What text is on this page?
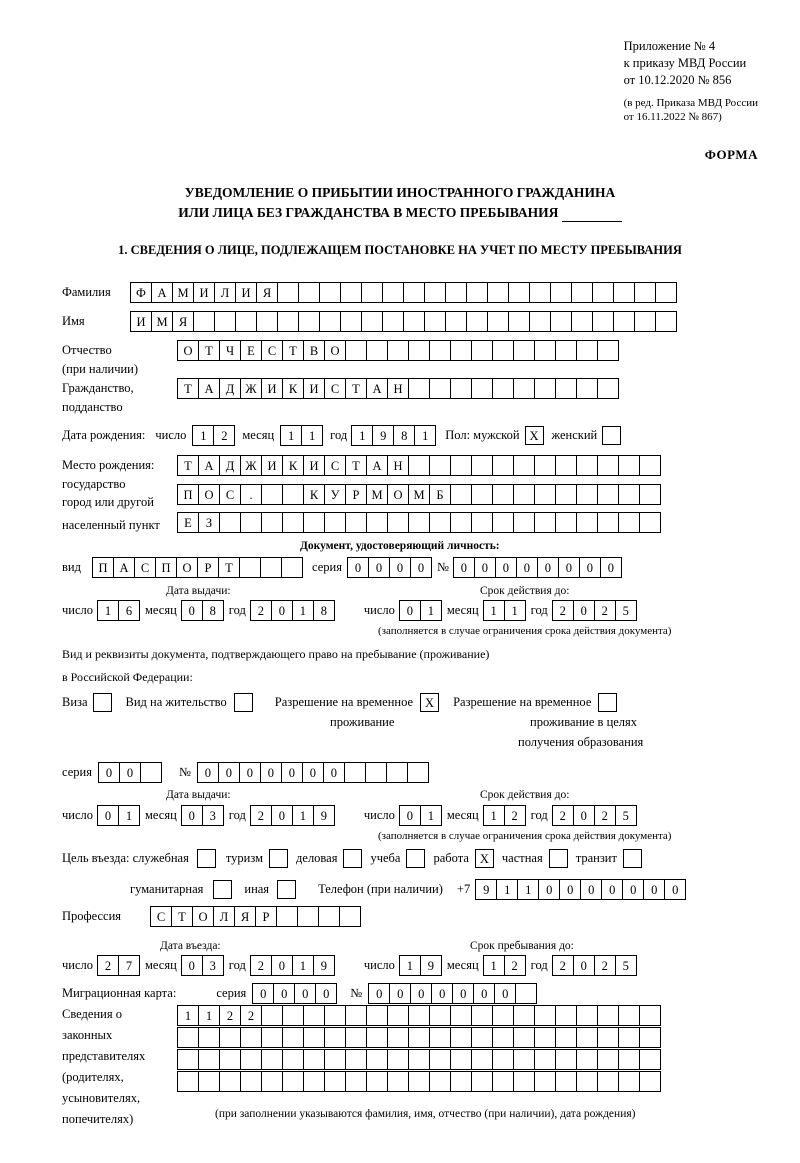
Приложение № 4
к приказу МВД России
от 10.12.2020 № 856
(в ред. Приказа МВД России
от 16.11.2022 № 867)
ФОРМА
УВЕДОМЛЕНИЕ О ПРИБЫТИИ ИНОСТРАННОГО ГРАЖДАНИНА
ИЛИ ЛИЦА БЕЗ ГРАЖДАНСТВА В МЕСТО ПРЕБЫВАНИЯ
1. СВЕДЕНИЯ О ЛИЦЕ, ПОДЛЕЖАЩЕМ ПОСТАНОВКЕ НА УЧЕТ ПО МЕСТУ ПРЕБЫВАНИЯ
Фамилия	Ф А М И Л И Я
Имя	И М Я
Отчество	О	Т	Ч	Е	С	Т	В О
(при наличии)
Гражданство,	Т	А Д Ж И К И С	Т	А Н
подданство
Дата рождения: число	1	2	месяц	1	1	год 1	9	8	1	Пол: мужской X	женский
Место рождения:	Т	А Д Ж И К И С	Т	А Н
государство
П О С	.	К У	Р М О М Б
город или другой
Е	З
населенный пункт
Документ, удостоверяющий личность:
вид	П А С П О	Р	Т	серия	0	0	0	0	№ 0	0	0	0	0	0	0	0
Дата выдачи:	Срок действия до:
число 1	6	месяц 0	8	год 2	0	1	8	число 0	1	месяц 1	1	год 2	0	2	5
(заполняется в случае ограничения срока действия документа)
Вид и реквизиты документа, подтверждающего право на пребывание (проживание)
в Российской Федерации:
Виза	Вид на жительство	Разрешение на временное X	Разрешение на временное
проживание	проживание в целях
получения образования
серия	0	0	№	0	0	0	0	0	0	0
Дата выдачи:	Срок действия до:
число 0	1	месяц 0	3	год 2	0	1	9	число 0	1	месяц 1	2	год 2	0	2	5
(заполняется в случае ограничения срока действия документа)
Цель въезда: служебная	туризм	деловая	учеба	работа X	частная	транзит
гуманитарная	иная	Телефон (при наличии) +7	9	1	1	0	0	0	0	0	0	0
Профессия	С	Т	О Л	Я	Р
Дата въезда:	Срок пребывания до:
число 2	7	месяц 0	3	год 2	0	1	9	число 1	9	месяц 1	2	год 2	0	2	5
Миграционная карта:	серия	0	0	0	0	№	0	0	0	0	0	0	0
Сведения о
законных
представителях
(родителях,
усыновителях,
попечителях)
1	1	2	2
(при заполнении указываются фамилия, имя, отчество (при наличии), дата рождения)
